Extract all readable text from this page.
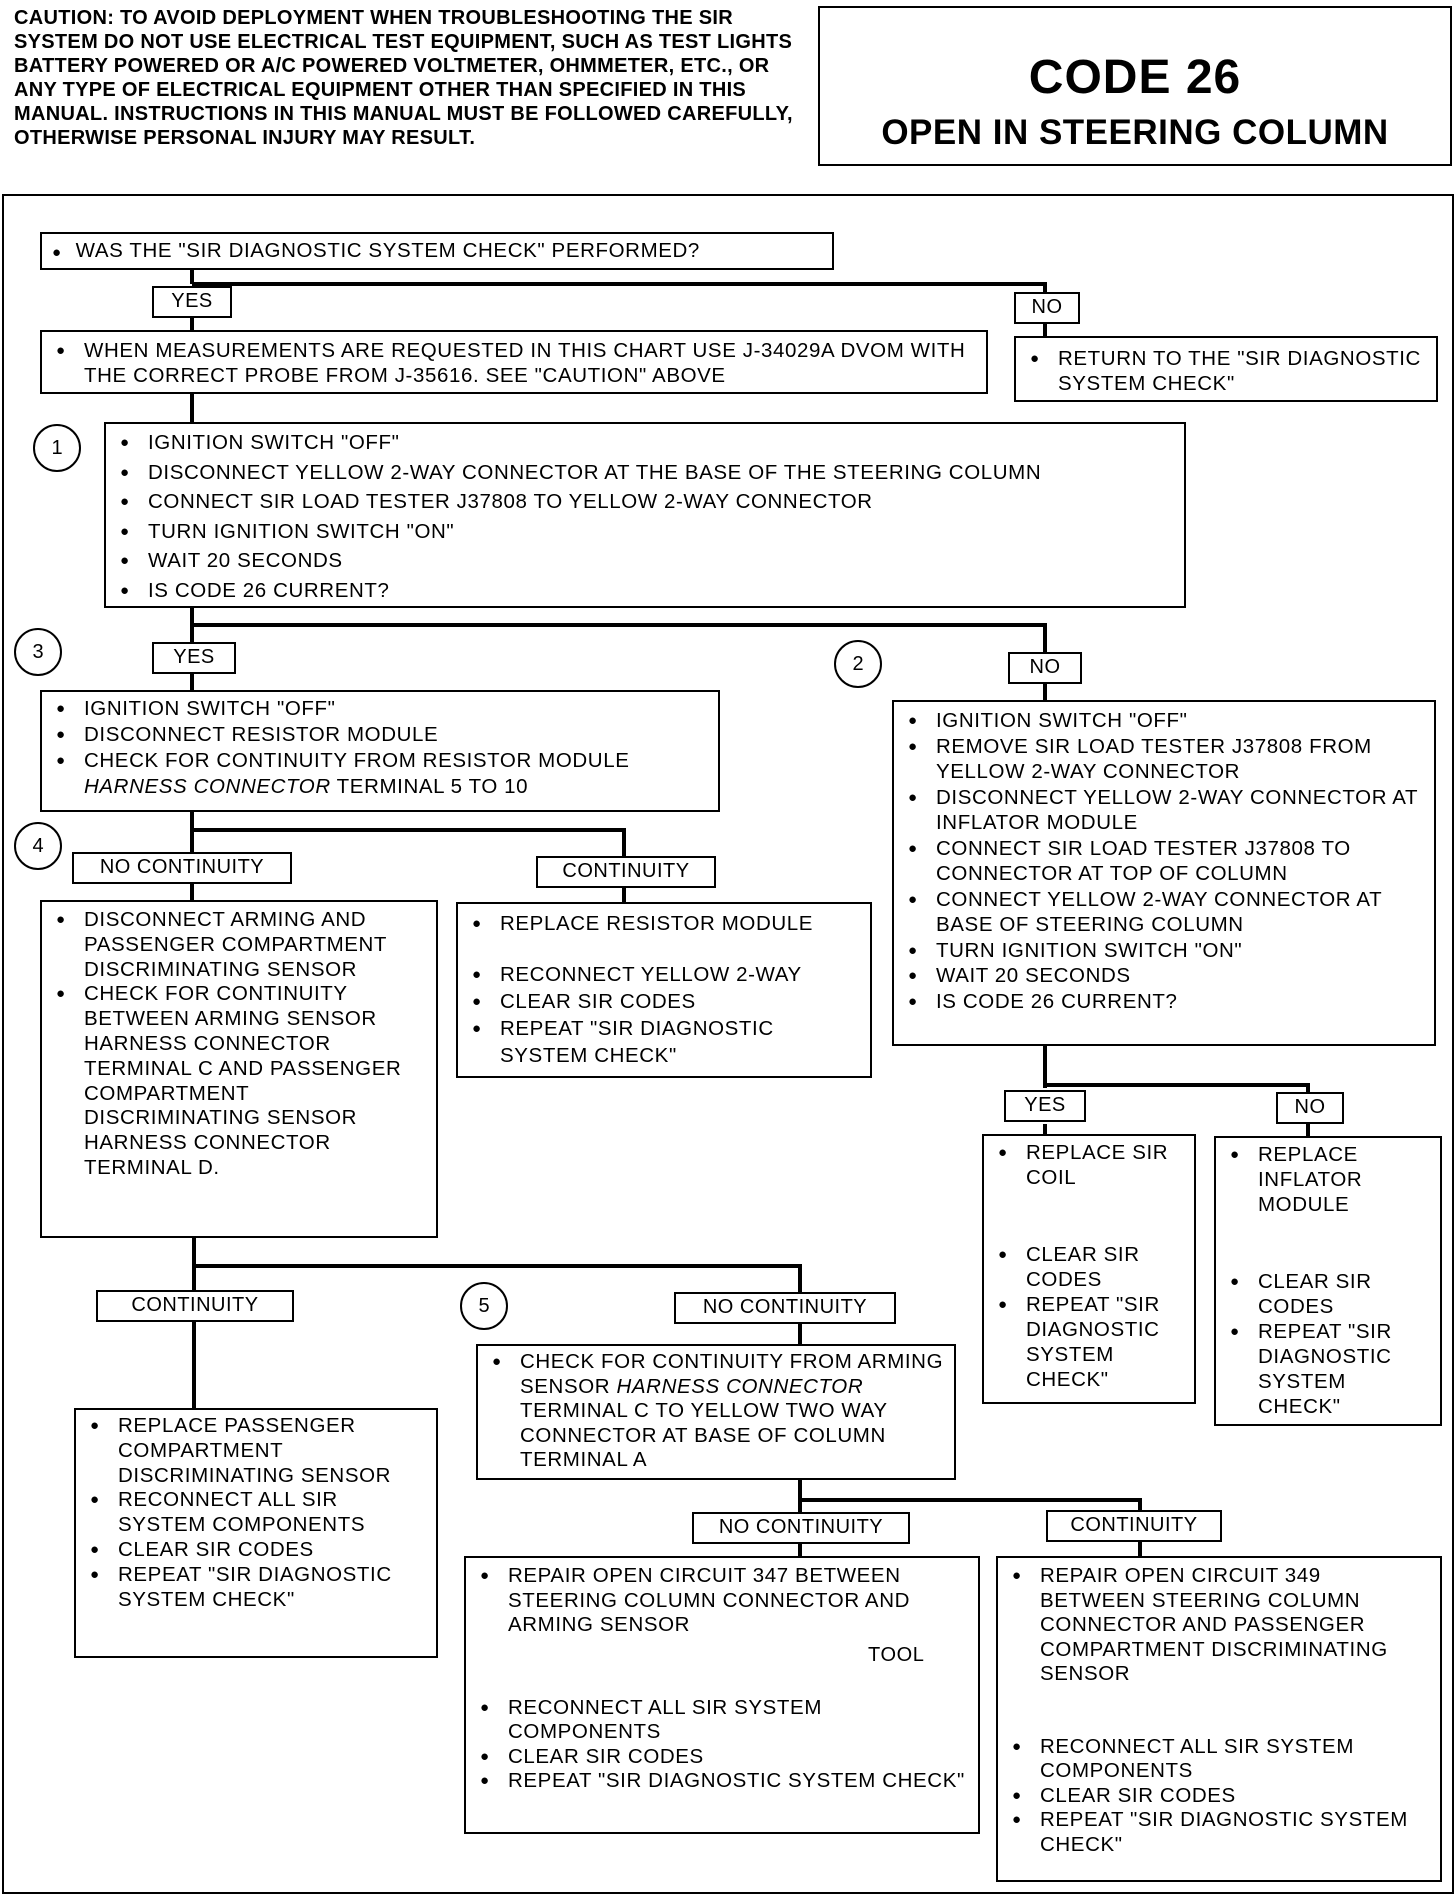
CAUTION: TO AVOID DEPLOYMENT WHEN TROUBLESHOOTING THE SIR SYSTEM DO NOT USE ELECTRICAL TEST EQUIPMENT, SUCH AS TEST LIGHTS BATTERY POWERED OR A/C POWERED VOLTMETER, OHMMETER, ETC., OR ANY TYPE OF ELECTRICAL EQUIPMENT OTHER THAN SPECIFIED IN THIS MANUAL. INSTRUCTIONS IN THIS MANUAL MUST BE FOLLOWED CAREFULLY, OTHERWISE PERSONAL INJURY MAY RESULT.
CODE 26
OPEN IN STEERING COLUMN
● WAS THE "SIR DIAGNOSTIC SYSTEM CHECK" PERFORMED?
YES	NO
● WHEN MEASUREMENTS ARE REQUESTED IN THIS CHART USE J-34029A DVOM WITH THE CORRECT PROBE FROM J-35616. SEE "CAUTION" ABOVE
● RETURN TO THE "SIR DIAGNOSTIC SYSTEM CHECK"
1
●	IGNITION SWITCH "OFF"
● DISCONNECT YELLOW 2-WAY CONNECTOR AT THE BASE OF THE STEERING COLUMN
● CONNECT SIR LOAD TESTER J37808 TO YELLOW 2-WAY CONNECTOR
● TURN IGNITION SWITCH "ON"
● WAIT 20 SECONDS
● IS CODE 26 CURRENT?
3	YES	2	NO
● IGNITION SWITCH "OFF"
● DISCONNECT RESISTOR MODULE
● CHECK FOR CONTINUITY FROM RESISTOR MODULE
HARNESS CONNECTOR TERMINAL 5 TO 10
● IGNITION SWITCH "OFF"
● REMOVE SIR LOAD TESTER J37808 FROM YELLOW 2-WAY CONNECTOR
● DISCONNECT YELLOW 2-WAY CONNECTOR AT INFLATOR MODULE
● CONNECT SIR LOAD TESTER J37808 TO CONNECTOR AT TOP OF COLUMN
● CONNECT YELLOW 2-WAY CONNECTOR AT BASE OF STEERING COLUMN
● TURN IGNITION SWITCH "ON"
● WAIT 20 SECONDS
● IS CODE 26 CURRENT?
4
NO CONTINUITY	CONTINUITY
● DISCONNECT ARMING AND PASSENGER COMPARTMENT DISCRIMINATING SENSOR
● CHECK FOR CONTINUITY BETWEEN ARMING SENSOR HARNESS CONNECTOR TERMINAL C AND PASSENGER COMPARTMENT DISCRIMINATING SENSOR HARNESS CONNECTOR TERMINAL D.
● REPLACE RESISTOR MODULE
● RECONNECT YELLOW 2-WAY
● CLEAR SIR CODES
● REPEAT "SIR DIAGNOSTIC SYSTEM CHECK"
YES	NO
● REPLACE SIR COIL
● CLEAR SIR CODES
● REPEAT "SIR DIAGNOSTIC SYSTEM CHECK"
● REPLACE INFLATOR MODULE
● CLEAR SIR CODES
● REPEAT "SIR DIAGNOSTIC SYSTEM CHECK"
CONTINUITY	5	NO CONTINUITY
● REPLACE PASSENGER COMPARTMENT DISCRIMINATING SENSOR
● RECONNECT ALL SIR SYSTEM COMPONENTS
● CLEAR SIR CODES
● REPEAT "SIR DIAGNOSTIC SYSTEM CHECK"
● CHECK FOR CONTINUITY FROM ARMING SENSOR HARNESS CONNECTOR TERMINAL C TO YELLOW TWO WAY CONNECTOR AT BASE OF COLUMN TERMINAL A
NO CONTINUITY	CONTINUITY
● REPAIR OPEN CIRCUIT 347 BETWEEN STEERING COLUMN CONNECTOR AND ARMING SENSOR
● RECONNECT ALL SIR SYSTEM COMPONENTS
● CLEAR SIR CODES
● REPEAT "SIR DIAGNOSTIC SYSTEM CHECK"
TOOL
● REPAIR OPEN CIRCUIT 349 BETWEEN STEERING COLUMN CONNECTOR AND PASSENGER COMPARTMENT DISCRIMINATING SENSOR
● RECONNECT ALL SIR SYSTEM COMPONENTS
● CLEAR SIR CODES
● REPEAT "SIR DIAGNOSTIC SYSTEM CHECK"
